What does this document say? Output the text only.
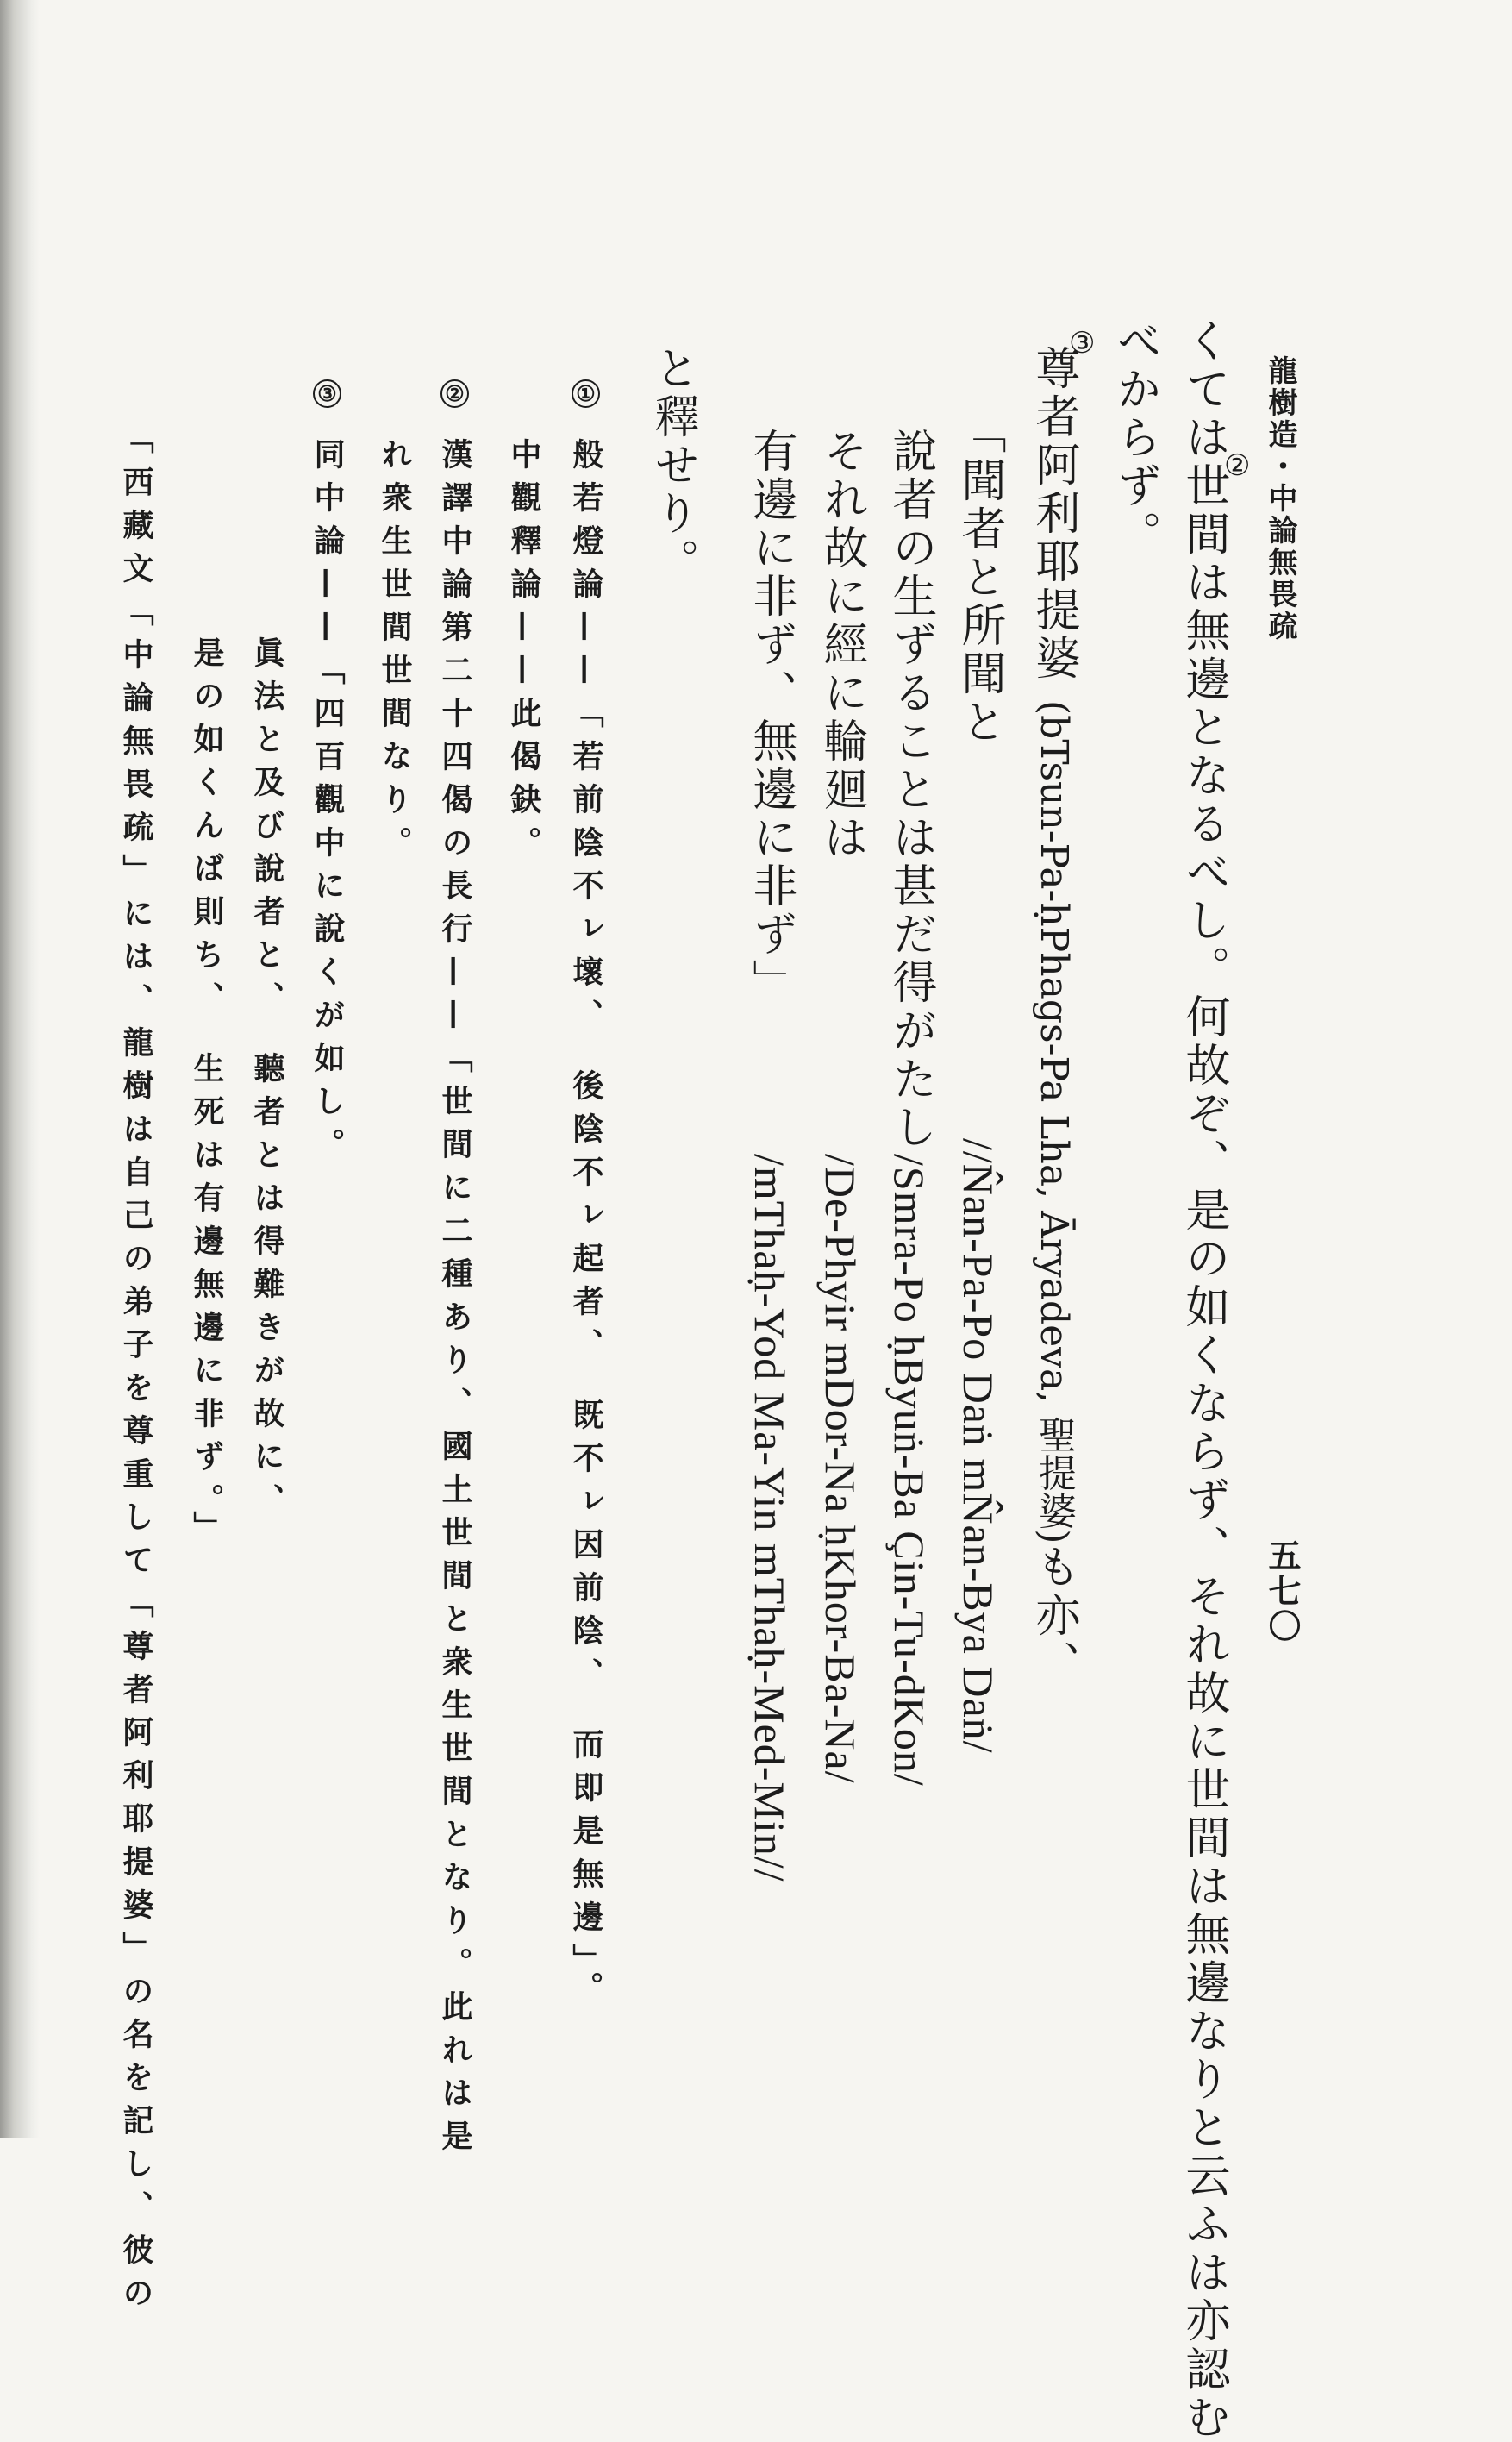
龍樹造・中論無畏疏
五七〇
くては世間は無邊となるべし。何故ぞ、是の如くならず、それ故に世間は無邊なりと云ふは亦認む
②
べからず。
③
尊者阿利耶提婆(bTsun-Pa-ḥPhags-Pa Lha, Āryadeva, 聖提婆)も亦、
「聞者と所聞と
說者の生ずることは甚だ得がたし
それ故に經に輪廻は
有邊に非ず、無邊に非ず」
//N̂an-Pa-Po Daṅ mN̂an-Bya Daṅ/
/Smra-Po ḥByuṅ-Ba Çin-Tu-dKon/
/De-Phyir mDor-Na ḥKhor-Ba-Na/
/mThaḥ-Yod Ma-Yin mThaḥ-Med-Min//
と釋せり。
①
般若燈論——「若前陰不ㇾ壞、　後陰不ㇾ起者、　既不ㇾ因前陰、　而即是無邊」。
中觀釋論——此偈鈌。
②
漢譯中論第二十四偈の長行——「世間に二種あり、國土世間と衆生世間となり。此れは是
れ衆生世間世間なり。
③
同中論——「四百觀中に說くが如し。
眞法と及び說者と、　聽者とは得難きが故に、
是の如くんば則ち、　生死は有邊無邊に非ず。」
「西藏文「中論無畏疏」には、龍樹は自己の弟子を尊重して「尊者阿利耶提婆」の名を記し、彼の
